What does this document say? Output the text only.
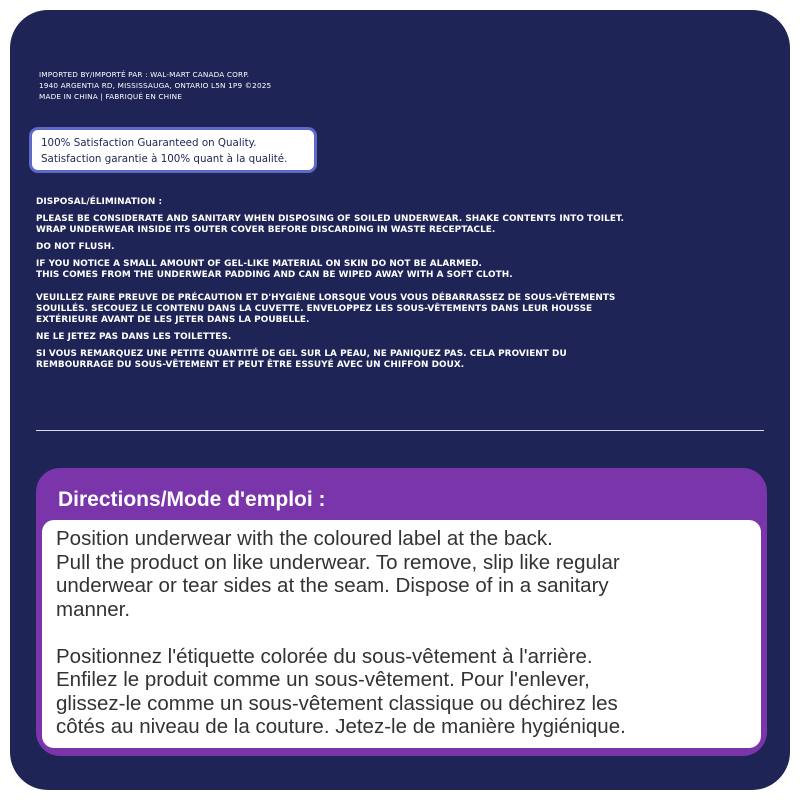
IMPORTED BY/IMPORTÉ PAR : WAL-MART CANADA CORP.
1940 ARGENTIA RD, MISSISSAUGA, ONTARIO L5N 1P9 ©2025
MADE IN CHINA | FABRIQUÉ EN CHINE
100% Satisfaction Guaranteed on Quality.
Satisfaction garantie à 100% quant à la qualité.
DISPOSAL/ÉLIMINATION :
PLEASE BE CONSIDERATE AND SANITARY WHEN DISPOSING OF SOILED UNDERWEAR. SHAKE CONTENTS INTO TOILET.
WRAP UNDERWEAR INSIDE ITS OUTER COVER BEFORE DISCARDING IN WASTE RECEPTACLE.
DO NOT FLUSH.
IF YOU NOTICE A SMALL AMOUNT OF GEL-LIKE MATERIAL ON SKIN DO NOT BE ALARMED.
THIS COMES FROM THE UNDERWEAR PADDING AND CAN BE WIPED AWAY WITH A SOFT CLOTH.
VEUILLEZ FAIRE PREUVE DE PRÉCAUTION ET D'HYGIÈNE LORSQUE VOUS VOUS DÉBARRASSEZ DE SOUS-VÊTEMENTS
SOUILLÉS. SECOUEZ LE CONTENU DANS LA CUVETTE. ENVELOPPEZ LES SOUS-VÊTEMENTS DANS LEUR HOUSSE
EXTÉRIEURE AVANT DE LES JETER DANS LA POUBELLE.
NE LE JETEZ PAS DANS LES TOILETTES.
SI VOUS REMARQUEZ UNE PETITE QUANTITÉ DE GEL SUR LA PEAU, NE PANIQUEZ PAS. CELA PROVIENT DU
REMBOURRAGE DU SOUS-VÊTEMENT ET PEUT ÊTRE ESSUYÉ AVEC UN CHIFFON DOUX.
Directions/Mode d'emploi :
Position underwear with the coloured label at the back.
Pull the product on like underwear. To remove, slip like regular
underwear or tear sides at the seam. Dispose of in a sanitary
manner.
Positionnez l'étiquette colorée du sous-vêtement à l'arrière.
Enfilez le produit comme un sous-vêtement. Pour l'enlever,
glissez-le comme un sous-vêtement classique ou déchirez les
côtés au niveau de la couture. Jetez-le de manière hygiénique.
